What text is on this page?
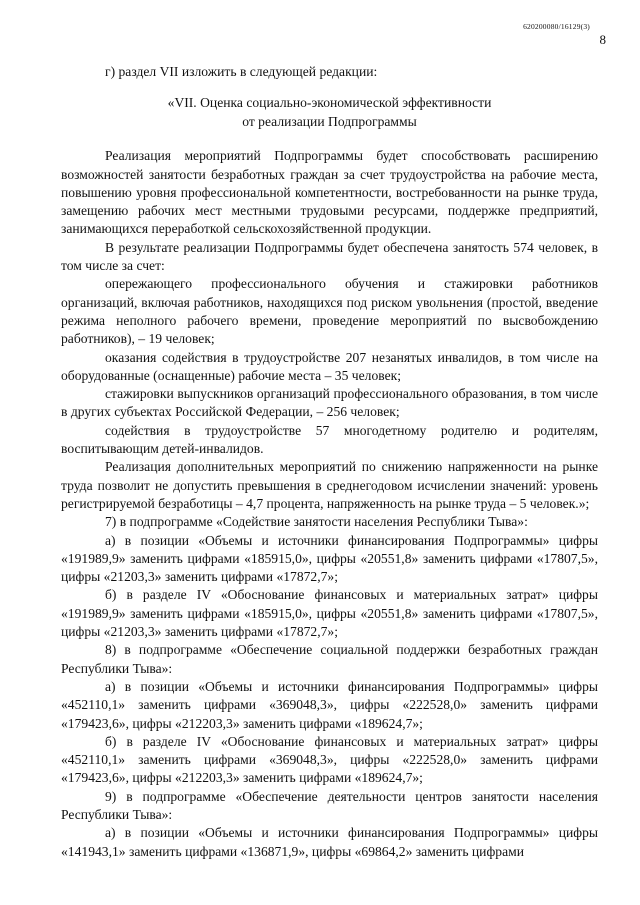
620200080/16129(3)
8

г) раздел VII изложить в следующей редакции:

«VII. Оценка социально-экономической эффективности
от реализации Подпрограммы

Реализация мероприятий Подпрограммы будет способствовать расширению возможностей занятости безработных граждан за счет трудоустройства на рабочие места, повышению уровня профессиональной компетентности, востребованности на рынке труда, замещению рабочих мест местными трудовыми ресурсами, поддержке предприятий, занимающихся переработкой сельскохозяйственной продукции.

В результате реализации Подпрограммы будет обеспечена занятость 574 человек, в том числе за счет:

опережающего профессионального обучения и стажировки работников организаций, включая работников, находящихся под риском увольнения (простой, введение режима неполного рабочего времени, проведение мероприятий по высвобождению работников), – 19 человек;

оказания содействия в трудоустройстве 207 незанятых инвалидов, в том числе на оборудованные (оснащенные) рабочие места – 35 человек;

стажировки выпускников организаций профессионального образования, в том числе в других субъектах Российской Федерации, – 256 человек;

содействия в трудоустройстве 57 многодетному родителю и родителям, воспитывающим детей-инвалидов.

Реализация дополнительных мероприятий по снижению напряженности на рынке труда позволит не допустить превышения в среднегодовом исчислении значений: уровень регистрируемой безработицы – 4,7 процента, напряженность на рынке труда – 5 человек.»;

7) в подпрограмме «Содействие занятости населения Республики Тыва»:

а) в позиции «Объемы и источники финансирования Подпрограммы» цифры «191989,9» заменить цифрами «185915,0», цифры «20551,8» заменить цифрами «17807,5», цифры «21203,3» заменить цифрами «17872,7»;

б) в разделе IV «Обоснование финансовых и материальных затрат» цифры «191989,9» заменить цифрами «185915,0», цифры «20551,8» заменить цифрами «17807,5», цифры «21203,3» заменить цифрами «17872,7»;

8) в подпрограмме «Обеспечение социальной поддержки безработных граждан Республики Тыва»:

а) в позиции «Объемы и источники финансирования Подпрограммы» цифры «452110,1» заменить цифрами «369048,3», цифры «222528,0» заменить цифрами «179423,6», цифры «212203,3» заменить цифрами «189624,7»;

б) в разделе IV «Обоснование финансовых и материальных затрат» цифры «452110,1» заменить цифрами «369048,3», цифры «222528,0» заменить цифрами «179423,6», цифры «212203,3» заменить цифрами «189624,7»;

9) в подпрограмме «Обеспечение деятельности центров занятости населения Республики Тыва»:

а) в позиции «Объемы и источники финансирования Подпрограммы» цифры «141943,1» заменить цифрами «136871,9», цифры «69864,2» заменить цифрами
